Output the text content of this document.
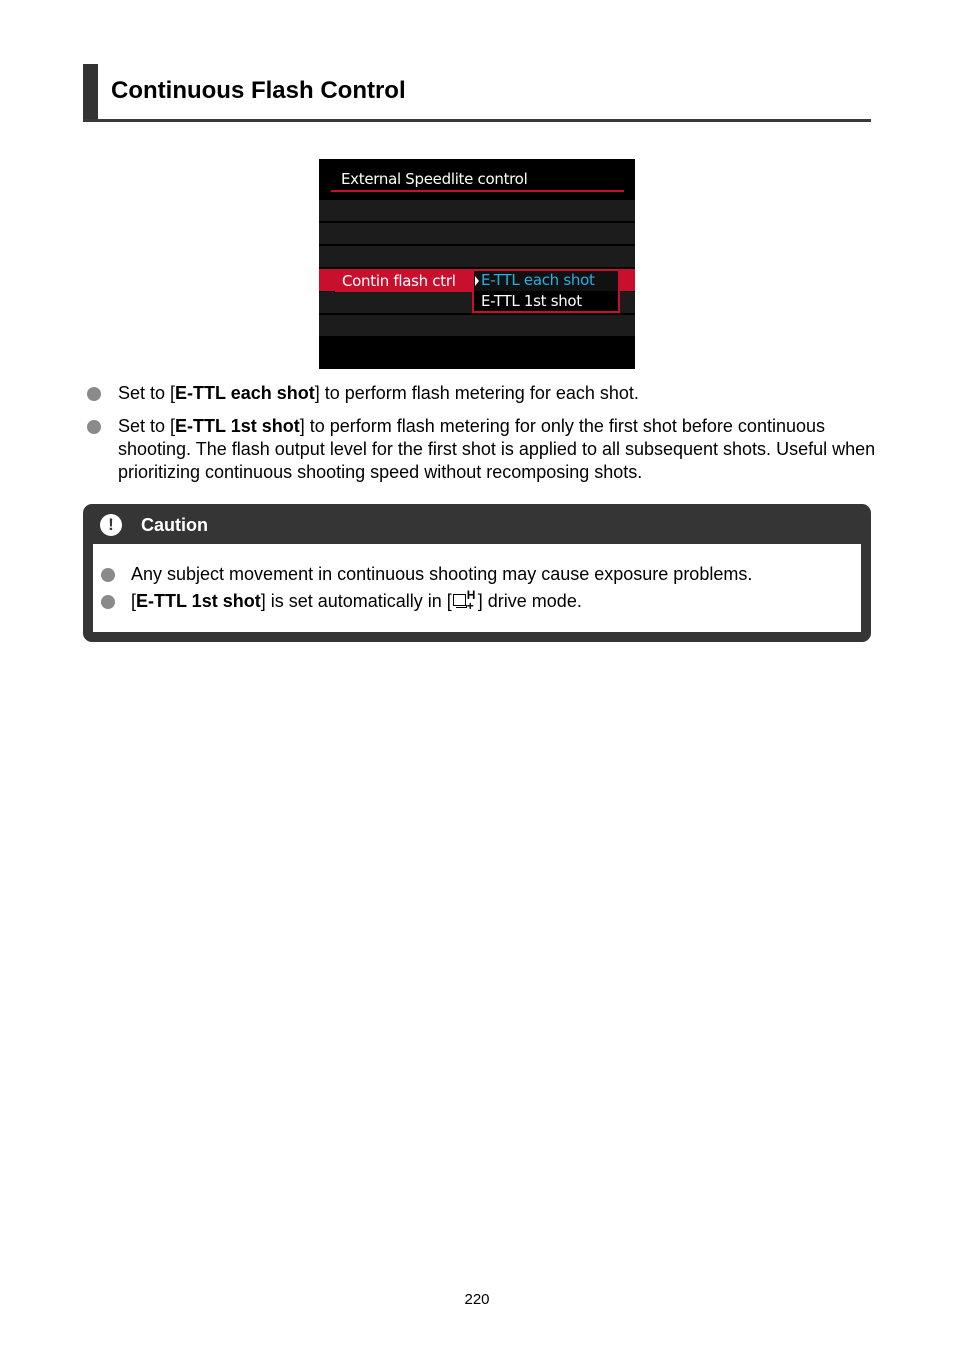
Continuous Flash Control
External Speedlite control
Contin flash ctrl E-TTL each shot
E-TTL 1st shot
Set to [E-TTL each shot] to perform flash metering for each shot.
Set to [E-TTL 1st shot] to perform flash metering for only the first shot before continuous shooting. The flash output level for the first shot is applied to all subsequent shots. Useful when prioritizing continuous shooting speed without recomposing shots.
!	Caution
Any subject movement in continuous shooting may cause exposure problems.
[E-TTL 1st shot] is set automatically in [ H
+ ] drive mode.
220
